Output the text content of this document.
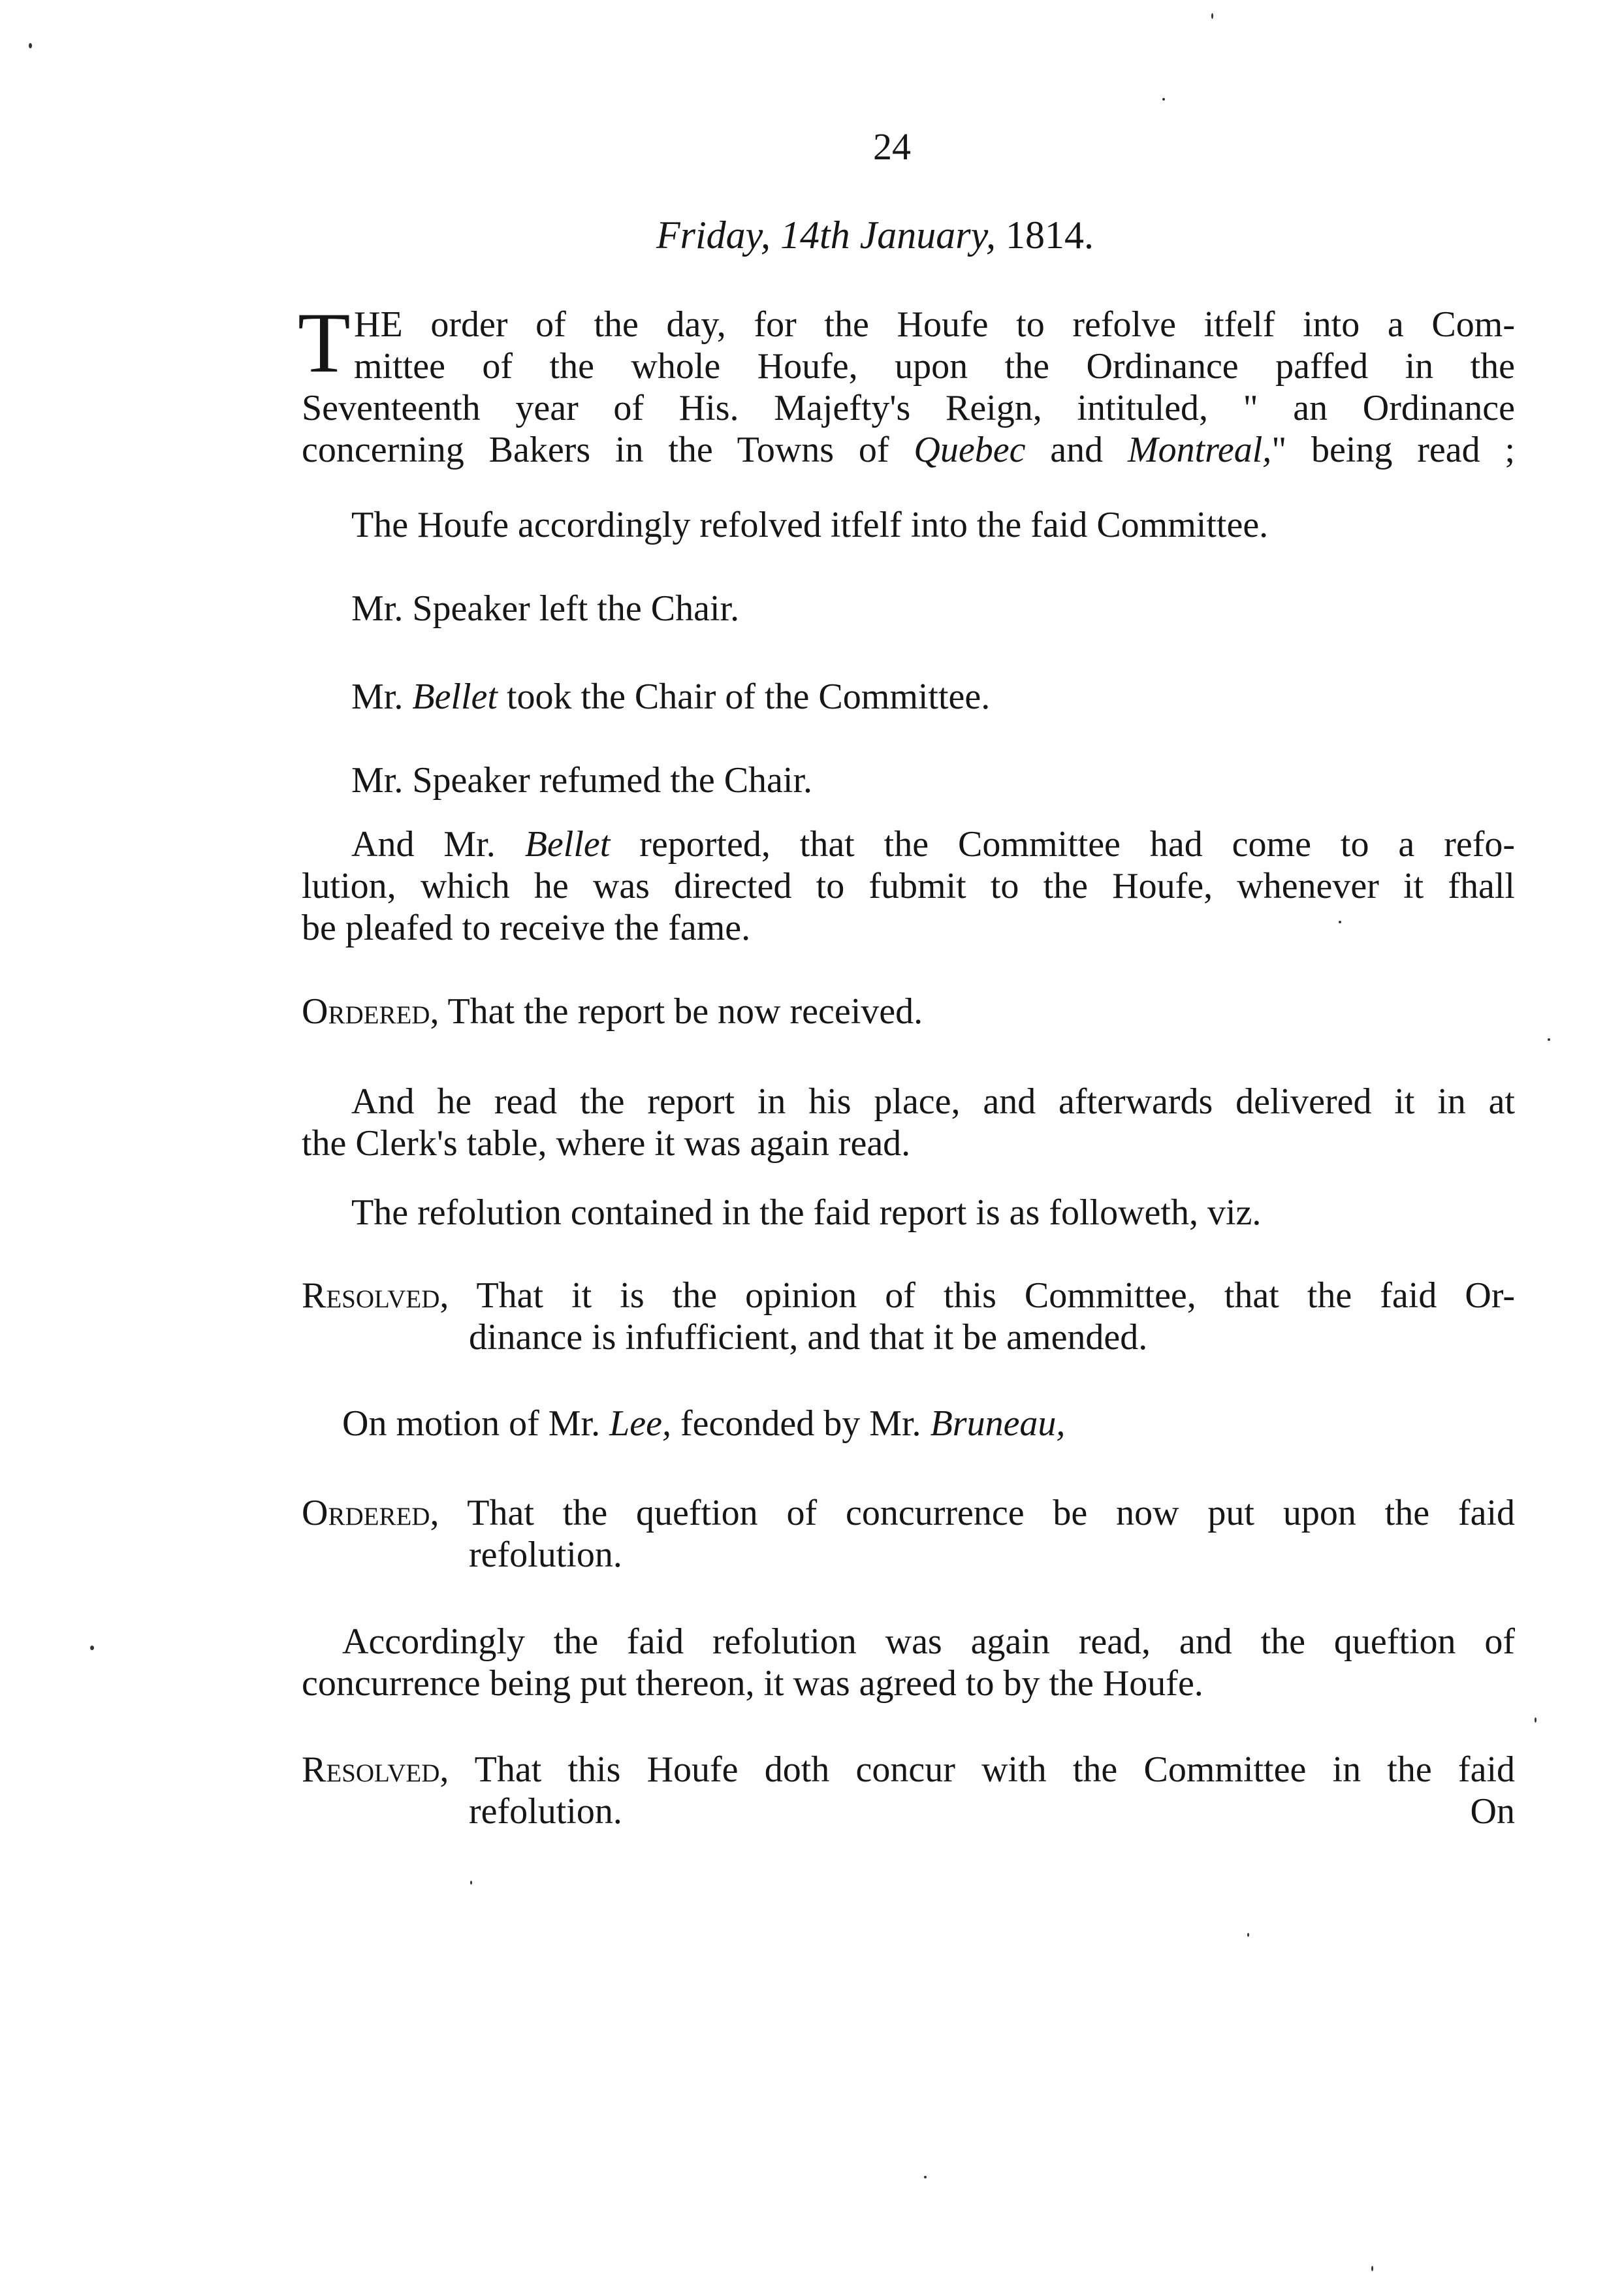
24
Friday, 14th January, 1814.
T HE order of the day, for the Houfe to refolve itfelf into a Com-
mittee of the whole Houfe, upon the Ordinance paffed in the
Seventeenth year of His. Majefty's Reign, intituled, " an Ordinance
concerning Bakers in the Towns of Quebec and Montreal," being read ;
The Houfe accordingly refolved itfelf into the faid Committee.
Mr. Speaker left the Chair.
Mr. Bellet took the Chair of the Committee.
Mr. Speaker refumed the Chair.
And Mr. Bellet reported, that the Committee had come to a refo-
lution, which he was directed to fubmit to the Houfe, whenever it fhall
be pleafed to receive the fame.
Ordered, That the report be now received.
And he read the report in his place, and afterwards delivered it in at
the Clerk's table, where it was again read.
The refolution contained in the faid report is as followeth, viz.
Resolved, That it is the opinion of this Committee, that the faid Or-
dinance is infufficient, and that it be amended.
On motion of Mr. Lee, feconded by Mr. Bruneau,
Ordered, That the queftion of concurrence be now put upon the faid
refolution.
Accordingly the faid refolution was again read, and the queftion of
concurrence being put thereon, it was agreed to by the Houfe.
Resolved, That this Houfe doth concur with the Committee in the faid
refolution.	On
